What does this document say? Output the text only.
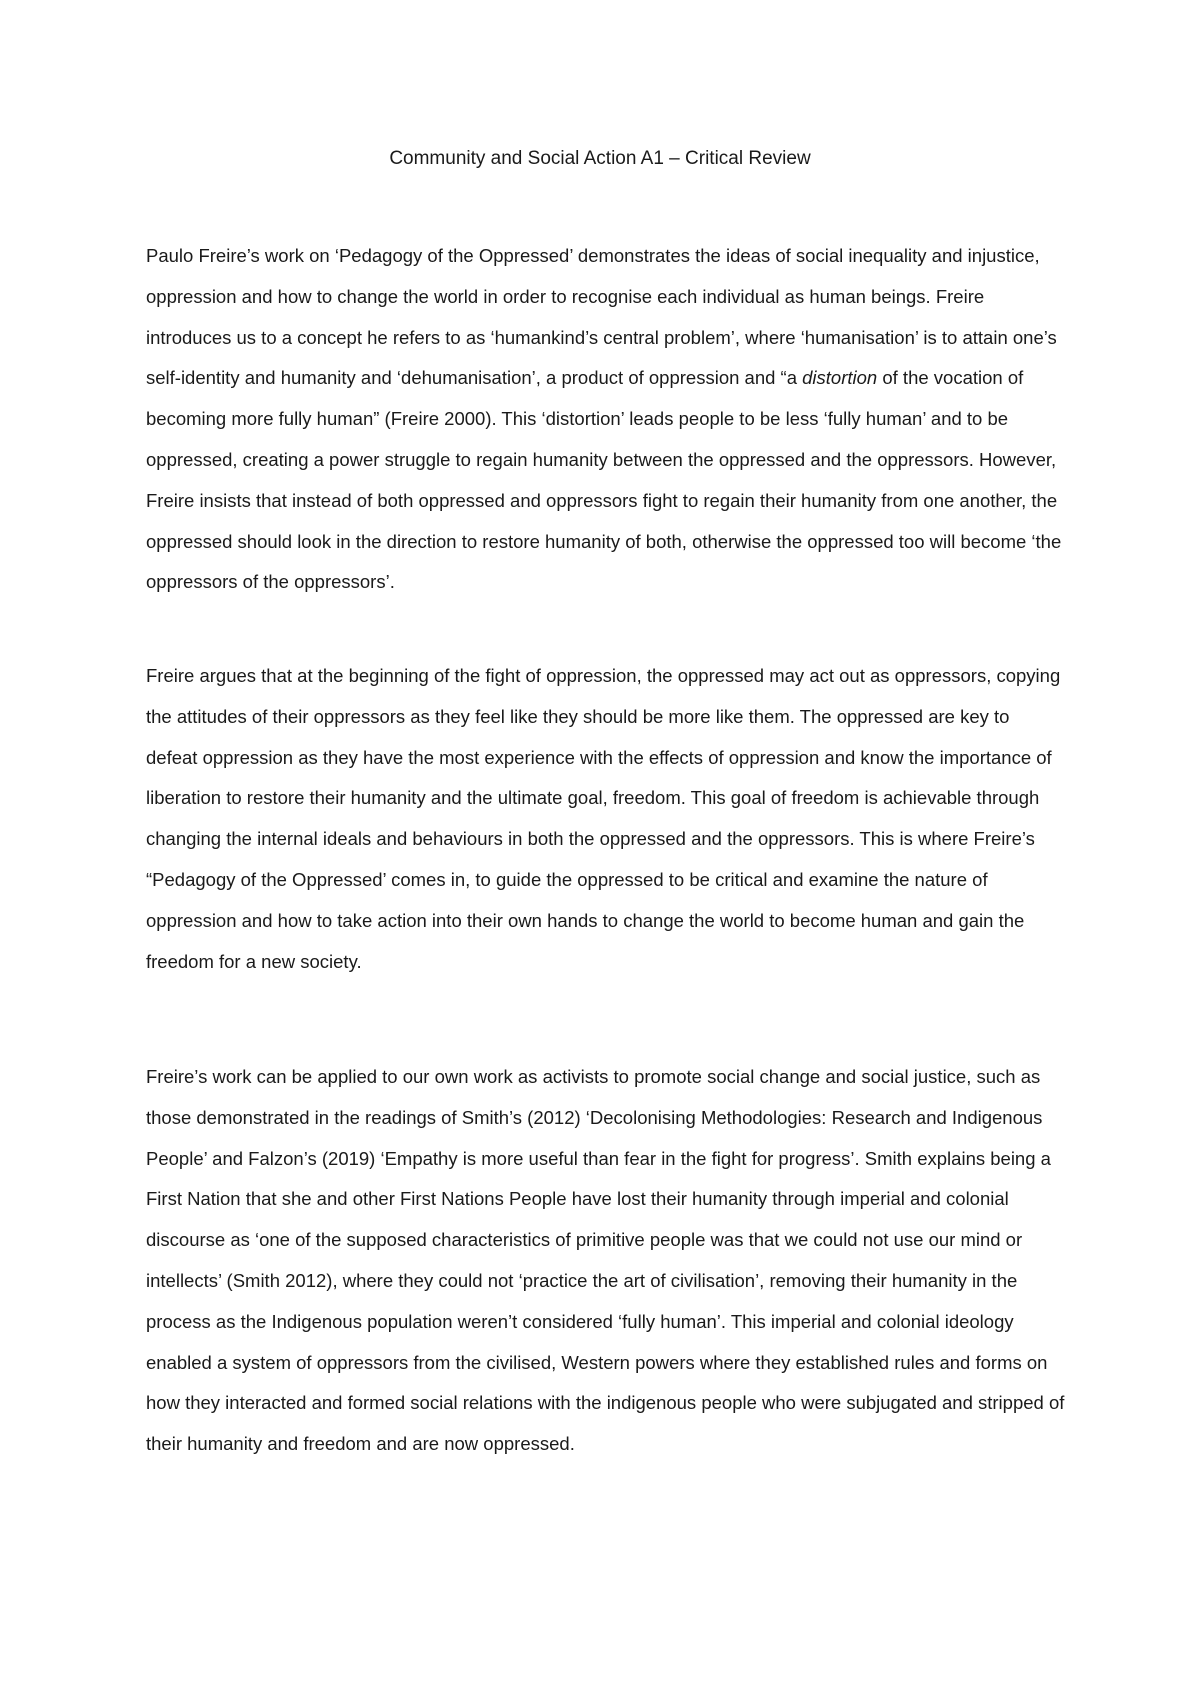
Community and Social Action A1 – Critical Review

Paulo Freire’s work on ‘Pedagogy of the Oppressed’ demonstrates the ideas of social inequality and injustice, oppression and how to change the world in order to recognise each individual as human beings. Freire introduces us to a concept he refers to as ‘humankind’s central problem’, where ‘humanisation’ is to attain one’s self-identity and humanity and ‘dehumanisation’, a product of oppression and “a distortion of the vocation of becoming more fully human” (Freire 2000). This ‘distortion’ leads people to be less ‘fully human’ and to be oppressed, creating a power struggle to regain humanity between the oppressed and the oppressors. However, Freire insists that instead of both oppressed and oppressors fight to regain their humanity from one another, the oppressed should look in the direction to restore humanity of both, otherwise the oppressed too will become ‘the oppressors of the oppressors’.

Freire argues that at the beginning of the fight of oppression, the oppressed may act out as oppressors, copying the attitudes of their oppressors as they feel like they should be more like them. The oppressed are key to defeat oppression as they have the most experience with the effects of oppression and know the importance of liberation to restore their humanity and the ultimate goal, freedom. This goal of freedom is achievable through changing the internal ideals and behaviours in both the oppressed and the oppressors. This is where Freire’s “Pedagogy of the Oppressed’ comes in, to guide the oppressed to be critical and examine the nature of oppression and how to take action into their own hands to change the world to become human and gain the freedom for a new society.

Freire’s work can be applied to our own work as activists to promote social change and social justice, such as those demonstrated in the readings of Smith’s (2012) ‘Decolonising Methodologies: Research and Indigenous People’ and Falzon’s (2019) ‘Empathy is more useful than fear in the fight for progress’. Smith explains being a First Nation that she and other First Nations People have lost their humanity through imperial and colonial discourse as ‘one of the supposed characteristics of primitive people was that we could not use our mind or intellects’ (Smith 2012), where they could not ‘practice the art of civilisation’, removing their humanity in the process as the Indigenous population weren’t considered ‘fully human’. This imperial and colonial ideology enabled a system of oppressors from the civilised, Western powers where they established rules and forms on how they interacted and formed social relations with the indigenous people who were subjugated and stripped of their humanity and freedom and are now oppressed.
